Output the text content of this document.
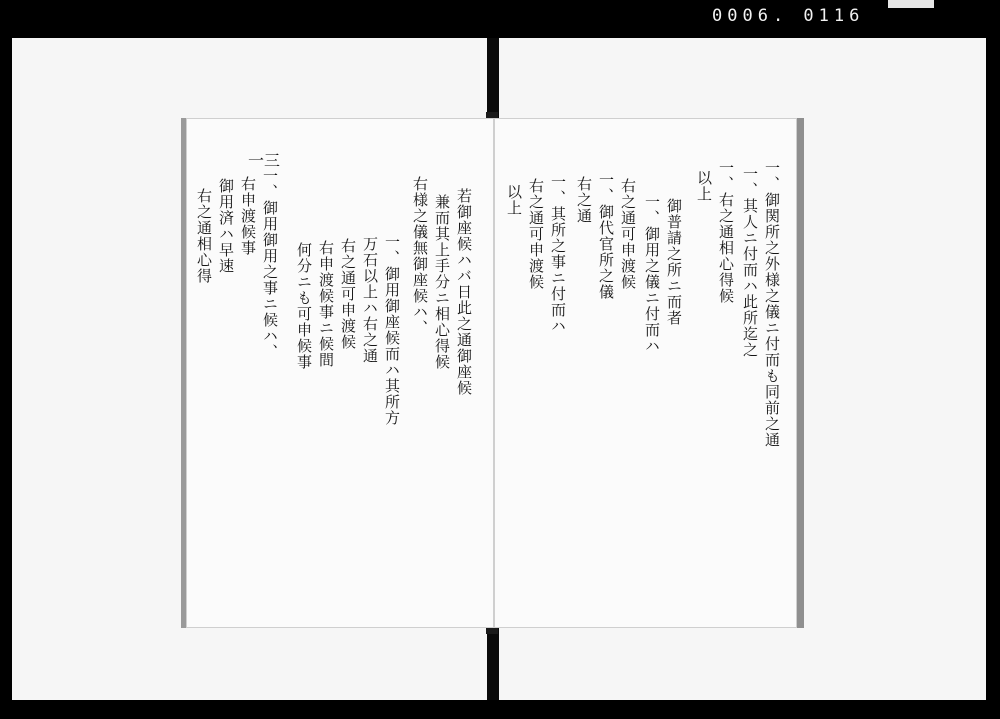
0006. 0116
一三
若御座候ハバ日此之通御座候
兼而其上手分ニ相心得候
右様之儀無御座候ハ、
一、御用御座候而ハ其所方
万石以上ハ右之通
右之通可申渡候
右申渡候事ニ候間
何分ニも可申候事
一、御用御用之事ニ候ハ、
右申渡候事
御用済ハ早速
右之通相心得	一、御関所之外様之儀ニ付而も同前之通
一、其人ニ付而ハ此所迄之
一、右之通相心得候
以上
御普請之所ニ而者
一、御用之儀ニ付而ハ
右之通可申渡候
一、御代官所之儀
右之通
一、其所之事ニ付而ハ
右之通可申渡候
以上
